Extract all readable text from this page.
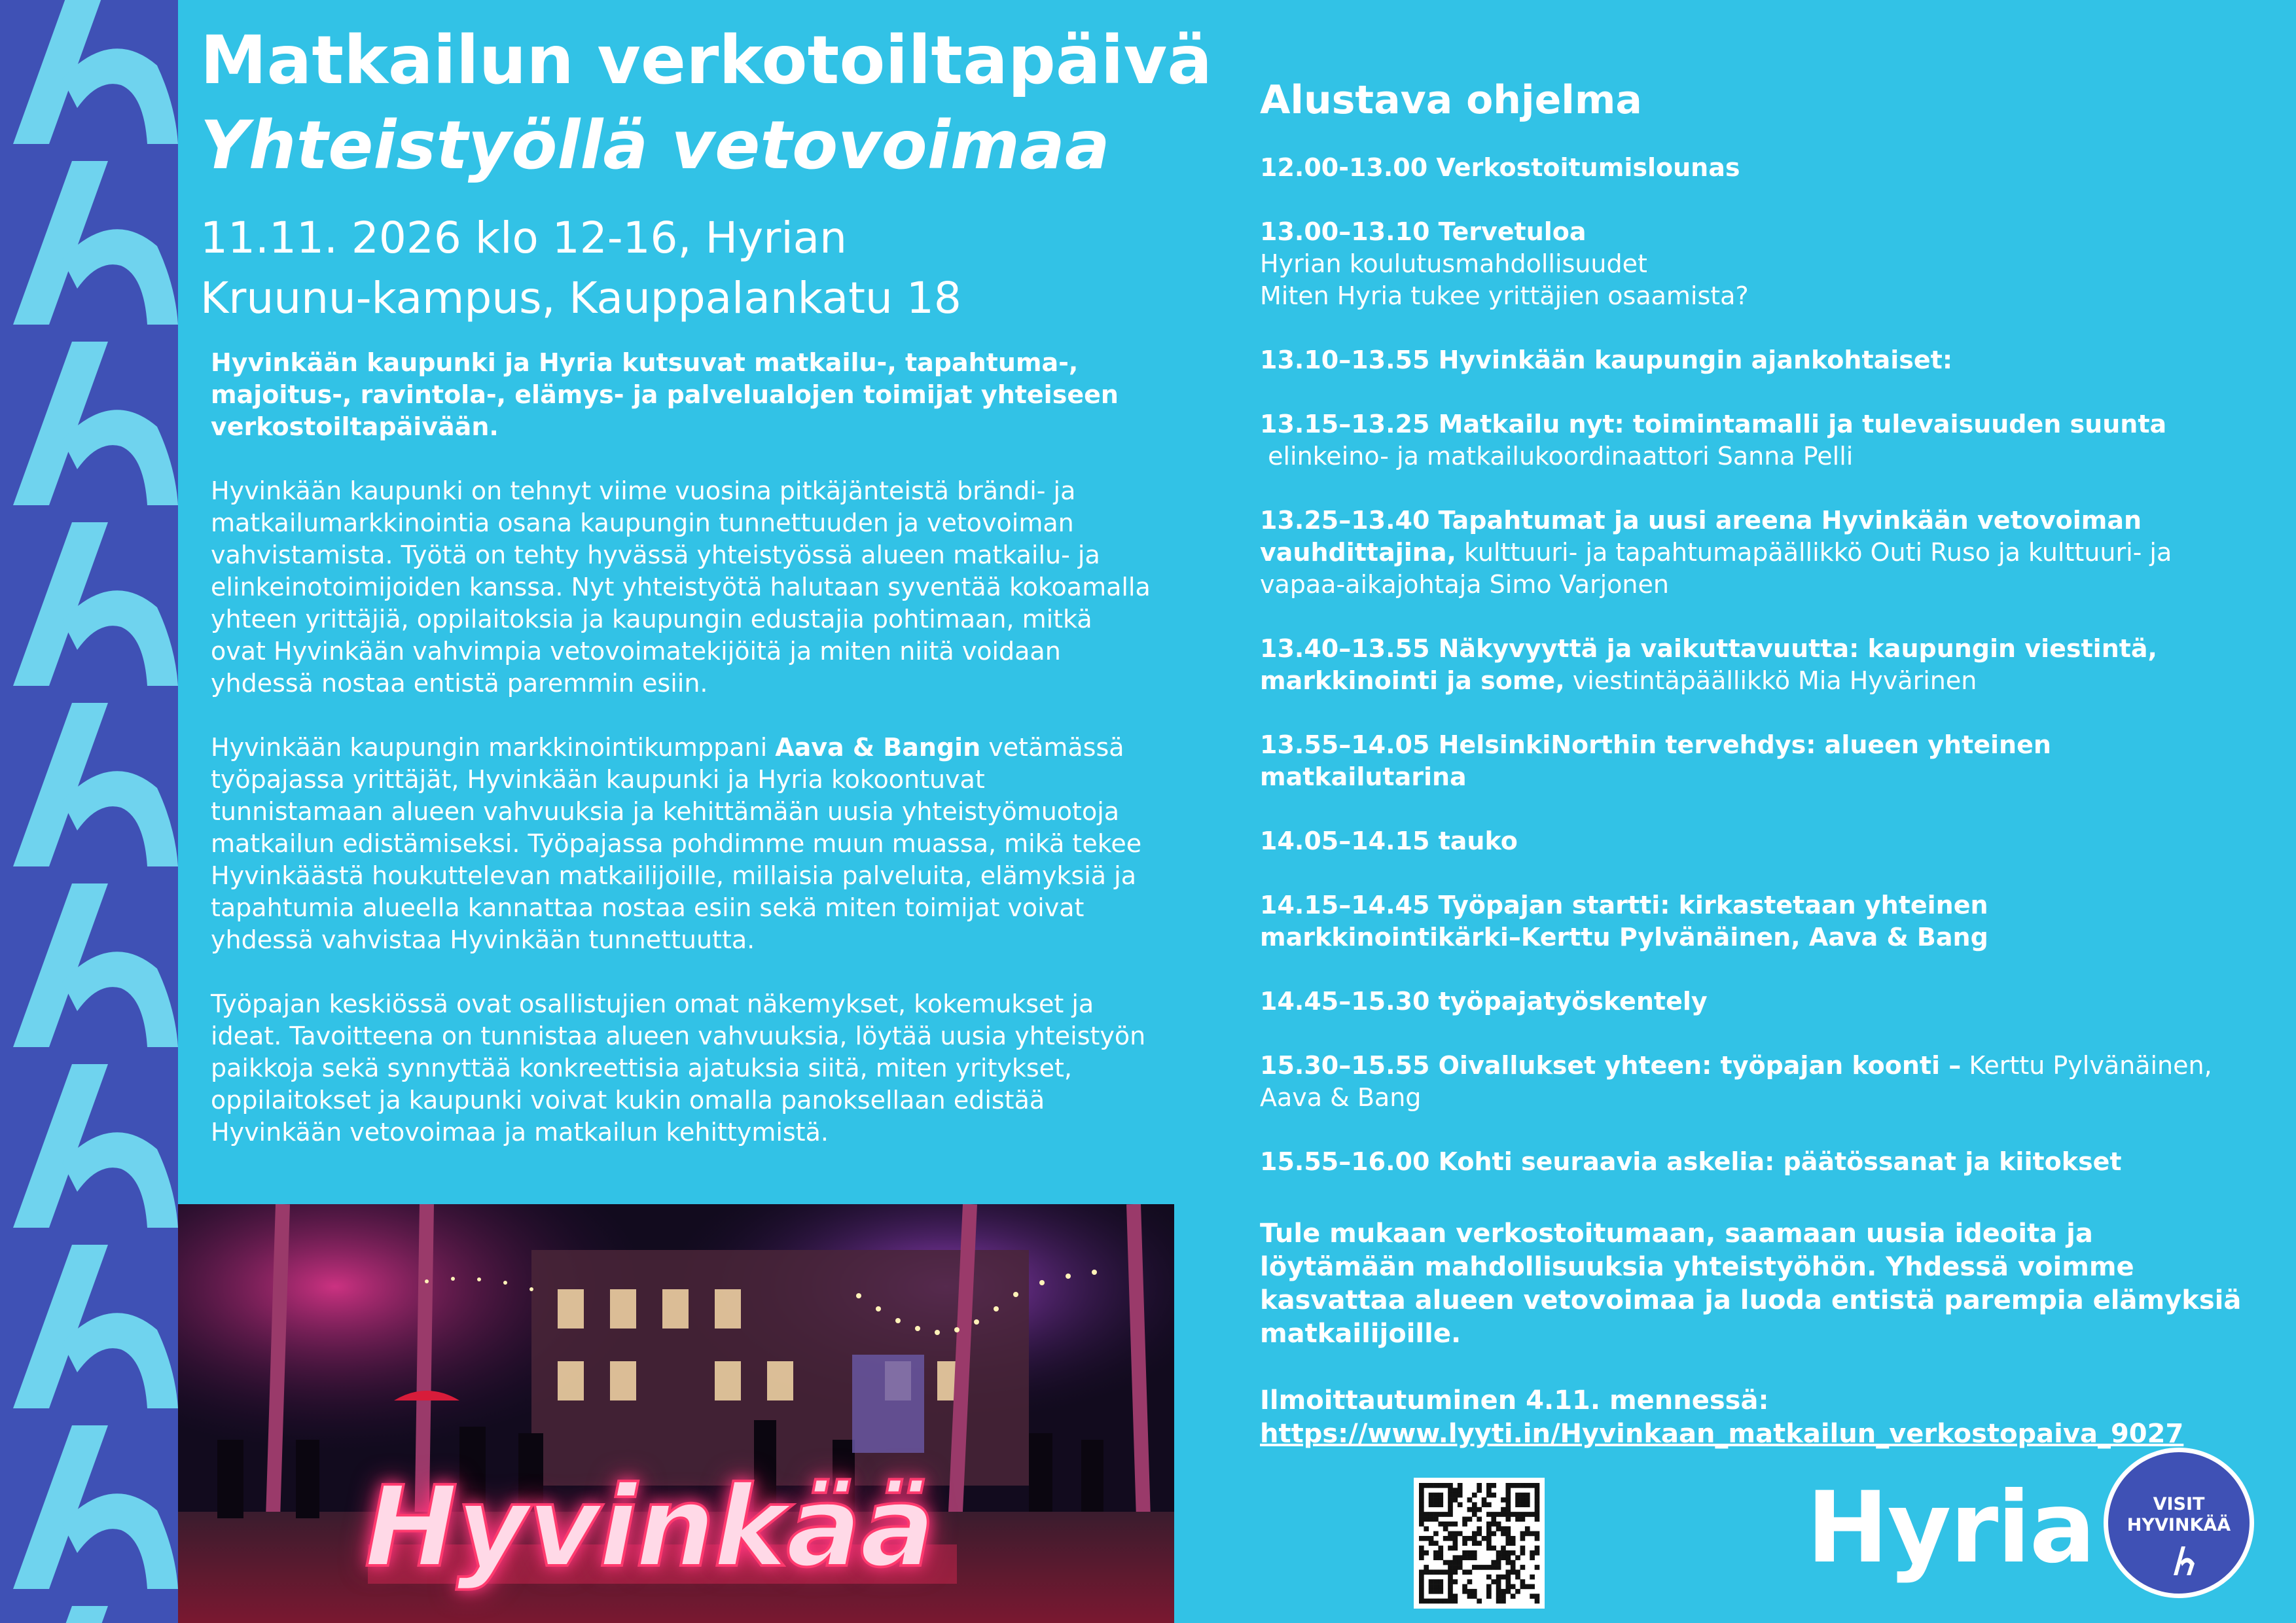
Matkailun verkotoiltapäivä
Yhteistyöllä vetovoimaa
11.11. 2026 klo 12-16, Hyrian
Kruunu-kampus, Kauppalankatu 18

Hyvinkään kaupunki ja Hyria kutsuvat matkailu-, tapahtuma-, majoitus-, ravintola-, elämys- ja palvelualojen toimijat yhteiseen verkostoiltapäivään.

Hyvinkään kaupunki on tehnyt viime vuosina pitkäjänteistä brändi- ja matkailumarkkinointia osana kaupungin tunnettuuden ja vetovoiman vahvistamista. Työtä on tehty hyvässä yhteistyössä alueen matkailu- ja elinkeinotoimijoiden kanssa. Nyt yhteistyötä halutaan syventää kokoamalla yhteen yrittäjiä, oppilaitoksia ja kaupungin edustajia pohtimaan, mitkä ovat Hyvinkään vahvimpia vetovoimatekijöitä ja miten niitä voidaan yhdessä nostaa entistä paremmin esiin.

Hyvinkään kaupungin markkinointikumppani Aava & Bangin vetämässä työpajassa yrittäjät, Hyvinkään kaupunki ja Hyria kokoontuvat tunnistamaan alueen vahvuuksia ja kehittämään uusia yhteistyömuotoja matkailun edistämiseksi. Työpajassa pohdimme muun muassa, mikä tekee Hyvinkäästä houkuttelevan matkailijoille, millaisia palveluita, elämyksiä ja tapahtumia alueella kannattaa nostaa esiin sekä miten toimijat voivat yhdessä vahvistaa Hyvinkään tunnettuutta.

Työpajan keskiössä ovat osallistujien omat näkemykset, kokemukset ja ideat. Tavoitteena on tunnistaa alueen vahvuuksia, löytää uusia yhteistyön paikkoja sekä synnyttää konkreettisia ajatuksia siitä, miten yritykset, oppilaitokset ja kaupunki voivat kukin omalla panoksellaan edistää Hyvinkään vetovoimaa ja matkailun kehittymistä.

Hyvinkää
Alustava ohjelma
12.00-13.00 Verkostoitumislounas
13.00–13.10 Tervetuloa
Hyrian koulutusmahdollisuudet
Miten Hyria tukee yrittäjien osaamista?
13.10–13.55 Hyvinkään kaupungin ajankohtaiset:
13.15–13.25 Matkailu nyt: toimintamalli ja tulevaisuuden suunta
elinkeino- ja matkailukoordinaattori Sanna Pelli
13.25–13.40 Tapahtumat ja uusi areena Hyvinkään vetovoiman vauhdittajina, kulttuuri- ja tapahtumapäällikkö Outi Ruso ja kulttuuri- ja vapaa-aikajohtaja Simo Varjonen
13.40–13.55 Näkyvyyttä ja vaikuttavuutta: kaupungin viestintä, markkinointi ja some, viestintäpäällikkö Mia Hyvärinen
13.55–14.05 HelsinkiNorthin tervehdys: alueen yhteinen matkailutarina
14.05–14.15 tauko
14.15–14.45 Työpajan startti: kirkastetaan yhteinen markkinointikärki–Kerttu Pylvänäinen, Aava & Bang
14.45–15.30 työpajatyöskentely
15.30–15.55 Oivallukset yhteen: työpajan koonti – Kerttu Pylvänäinen, Aava & Bang
15.55–16.00 Kohti seuraavia askelia: päätössanat ja kiitokset

Tule mukaan verkostoitumaan, saamaan uusia ideoita ja löytämään mahdollisuuksia yhteistyöhön. Yhdessä voimme kasvattaa alueen vetovoimaa ja luoda entistä parempia elämyksiä matkailijoille.

Ilmoittautuminen 4.11. mennessä:
https://www.lyyti.in/Hyvinkaan_matkailun_verkostopaiva_9027
Hyria	VISIT
HYVINKÄÄ
